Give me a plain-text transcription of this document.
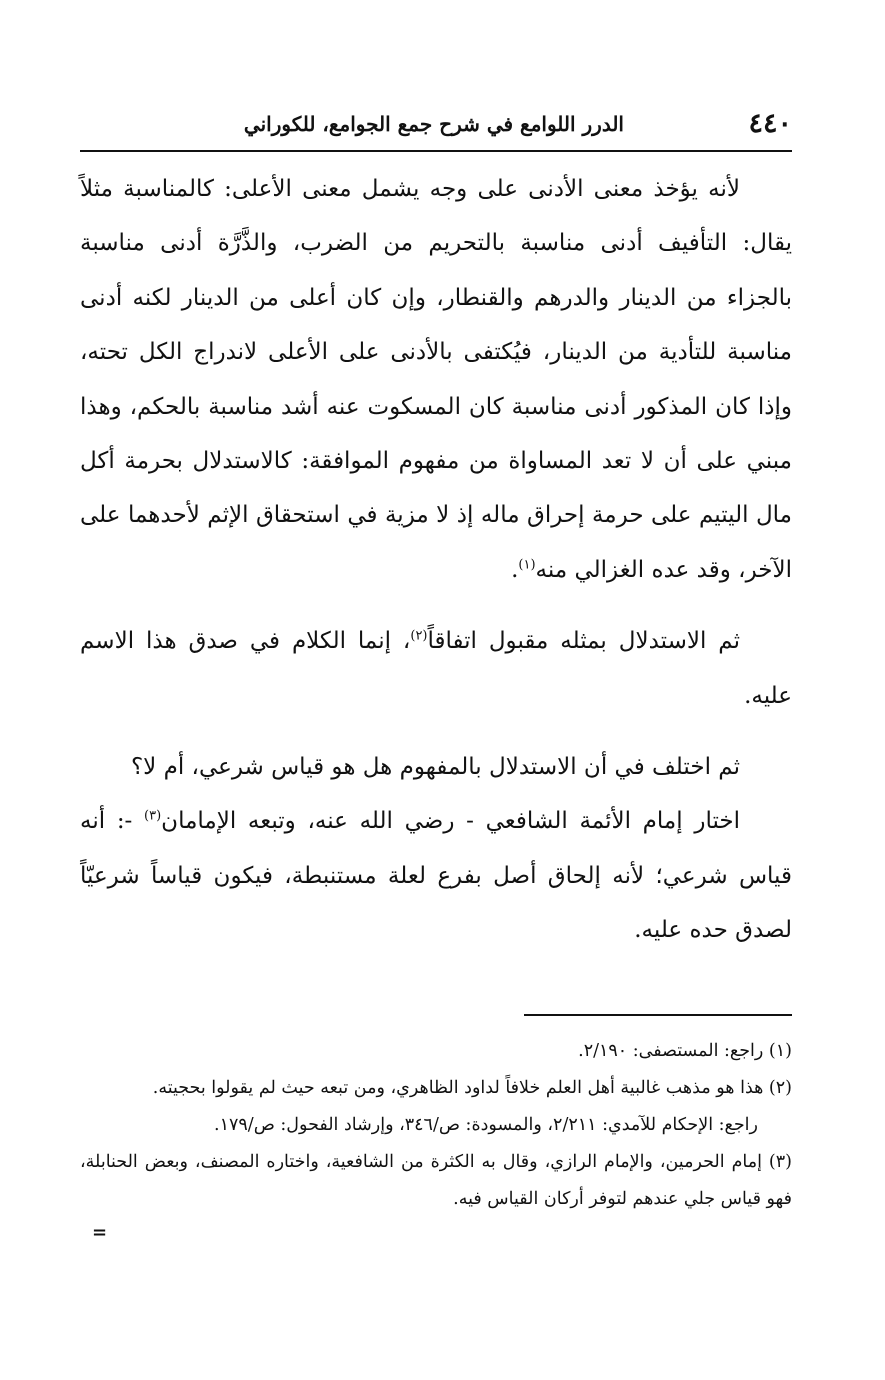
٤٤٠
الدرر اللوامع في شرح جمع الجوامع، للكوراني

لأنه يؤخذ معنى الأدنى على وجه يشمل معنى الأعلى: كالمناسبة مثلاً يقال: التأفيف أدنى مناسبة بالتحريم من الضرب، والذَّرَّة أدنى مناسبة بالجزاء من الدينار والدرهم والقنطار، وإن كان أعلى من الدينار لكنه أدنى مناسبة للتأدية من الدينار، فيُكتفى بالأدنى على الأعلى لاندراج الكل تحته، وإذا كان المذكور أدنى مناسبة كان المسكوت عنه أشد مناسبة بالحكم، وهذا مبني على أن لا تعد المساواة من مفهوم الموافقة: كالاستدلال بحرمة أكل مال اليتيم على حرمة إحراق ماله إذ لا مزية في استحقاق الإثم لأحدهما على الآخر، وقد عده الغزالي منه$^{(١)}$.

ثم الاستدلال بمثله مقبول اتفاقاً$^{(٢)}$، إنما الكلام في صدق هذا الاسم عليه.

ثم اختلف في أن الاستدلال بالمفهوم هل هو قياس شرعي، أم لا؟

اختار إمام الأئمة الشافعي - رضي الله عنه، وتبعه الإمامان$^{(٣)}$ -: أنه قياس شرعي؛ لأنه إلحاق أصل بفرع لعلة مستنبطة، فيكون قياساً شرعيّاً لصدق حده عليه.

(١) راجع: المستصفى: ٢/١٩٠.

(٢) هذا هو مذهب غالبية أهل العلم خلافاً لداود الظاهري، ومن تبعه حيث لم يقولوا بحجيته.

راجع: الإحكام للآمدي: ٢/٢١١، والمسودة: ص/٣٤٦، وإرشاد الفحول: ص/١٧٩.

(٣) إمام الحرمين، والإمام الرازي، وقال به الكثرة من الشافعية، واختاره المصنف، وبعض الحنابلة، فهو قياس جلي عندهم لتوفر أركان القياس فيه.

=
